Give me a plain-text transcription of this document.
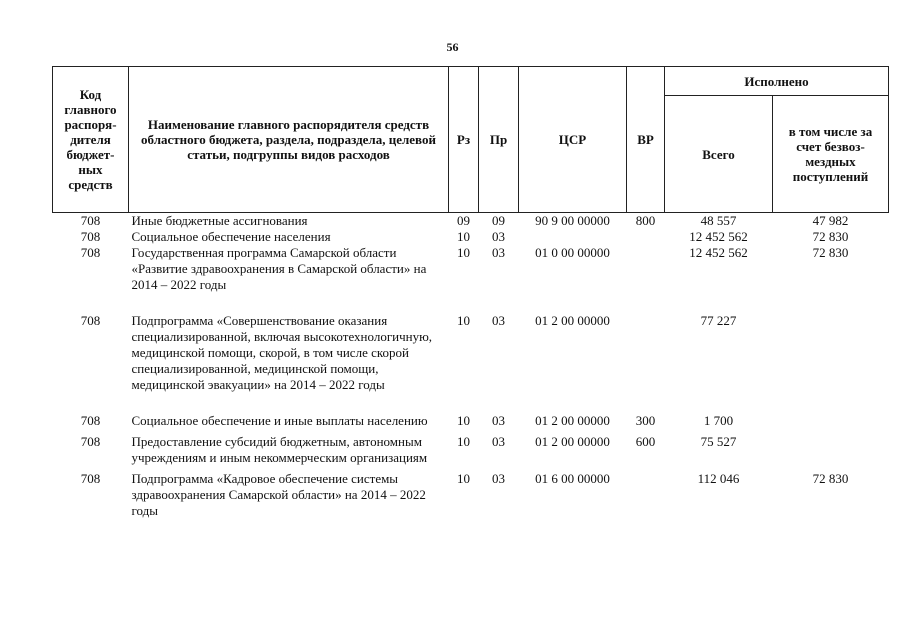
56
Код главного распоря-дителя бюджет-ных средств	Наименование главного распорядителя средств областного бюджета, раздела, подраздела, целевой статьи, подгруппы видов расходов	Рз	Пр	ЦСР	ВР	Исполнено	
						Всего	в том числе за счет безвоз-мездных поступлений
708	Иные бюджетные ассигнования	09	09	90 9 00 00000	800	48 557	47 982
708	Социальное обеспечение населения	10	03			12 452 562	72 830
708	Государственная программа Самарской области «Развитие здравоохранения в Самарской области» на 2014 – 2022 годы	10	03	01 0 00 00000		12 452 562	72 830
708	Подпрограмма «Совершенствование оказания специализированной, включая высокотехнологичную, медицинской помощи, скорой, в том числе скорой специализированной, медицинской помощи, медицинской эвакуации» на 2014 – 2022 годы	10	03	01 2 00 00000		77 227	
708	Социальное обеспечение и иные выплаты населению	10	03	01 2 00 00000	300	1 700	
708	Предоставление субсидий бюджетным, автономным учреждениям и иным некоммерческим организациям	10	03	01 2 00 00000	600	75 527	
708	Подпрограмма «Кадровое обеспечение системы здравоохранения Самарской области» на 2014 – 2022 годы	10	03	01 6 00 00000		112 046	72 830
